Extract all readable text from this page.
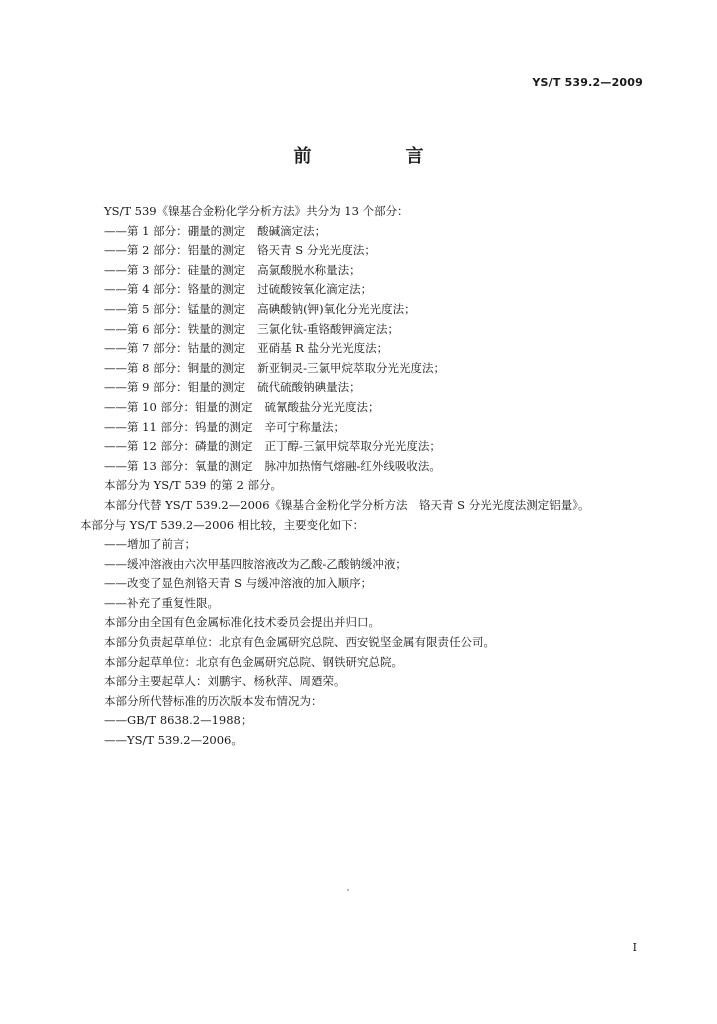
YS/T 539.2—2009
前　言
YS/T 539《镍基合金粉化学分析方法》共分为 13 个部分：
——第 1 部分：硼量的测定 酸碱滴定法；
——第 2 部分：铝量的测定 铬天青 S 分光光度法；
——第 3 部分：硅量的测定 高氯酸脱水称量法；
——第 4 部分：铬量的测定 过硫酸铵氧化滴定法；
——第 5 部分：锰量的测定 高碘酸钠(钾)氧化分光光度法；
——第 6 部分：铁量的测定 三氯化钛-重铬酸钾滴定法；
——第 7 部分：钴量的测定 亚硝基 R 盐分光光度法；
——第 8 部分：铜量的测定 新亚铜灵-三氯甲烷萃取分光光度法；
——第 9 部分：钼量的测定 硫代硫酸钠碘量法；
——第 10 部分：钼量的测定 硫氰酸盐分光光度法；
——第 11 部分：钨量的测定 辛可宁称量法；
——第 12 部分：磷量的测定 正丁醇-三氯甲烷萃取分光光度法；
——第 13 部分：氧量的测定 脉冲加热惰气熔融-红外线吸收法。
本部分为 YS/T 539 的第 2 部分。
本部分代替 YS/T 539.2—2006《镍基合金粉化学分析方法　铬天青 S 分光光度法测定铝量》。
本部分与 YS/T 539.2—2006 相比较，主要变化如下：
——增加了前言；
——缓冲溶液由六次甲基四胺溶液改为乙酸-乙酸钠缓冲液；
——改变了显色剂铬天青 S 与缓冲溶液的加入顺序；
——补充了重复性限。
本部分由全国有色金属标准化技术委员会提出并归口。
本部分负责起草单位：北京有色金属研究总院、西安锐坚金属有限责任公司。
本部分起草单位：北京有色金属研究总院、钢铁研究总院。
本部分主要起草人：刘鹏宇、杨秋萍、周廼荣。
本部分所代替标准的历次版本发布情况为：
——GB/T 8638.2—1988；
——YS/T 539.2—2006。
I
